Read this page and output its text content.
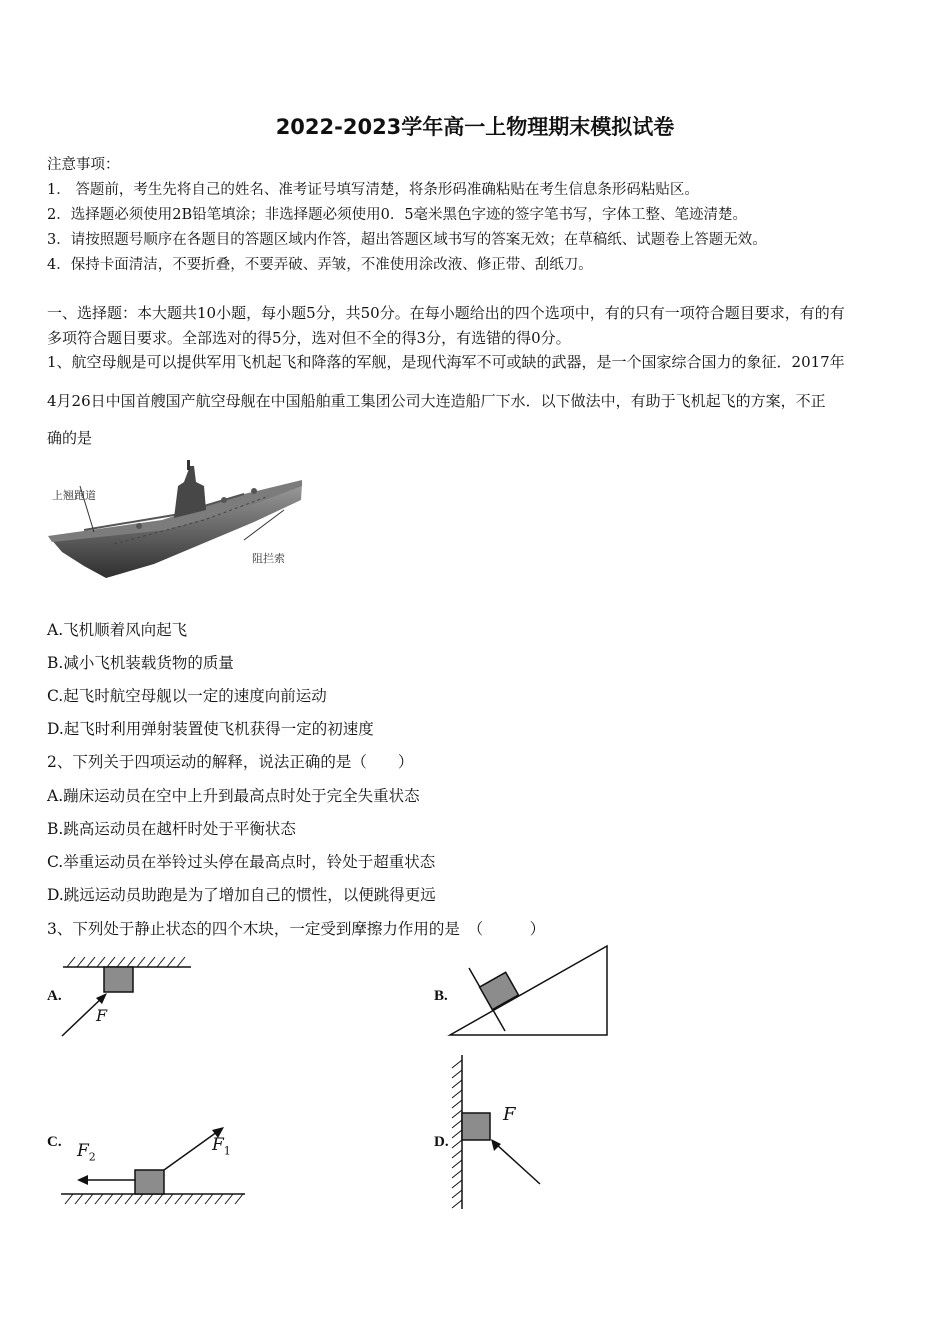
2022-2023学年高一上物理期末模拟试卷
注意事项：
1． 答题前，考生先将自己的姓名、准考证号填写清楚，将条形码准确粘贴在考生信息条形码粘贴区。
2．选择题必须使用2B铅笔填涂；非选择题必须使用0．5毫米黑色字迹的签字笔书写，字体工整、笔迹清楚。
3．请按照题号顺序在各题目的答题区域内作答，超出答题区域书写的答案无效；在草稿纸、试题卷上答题无效。
4．保持卡面清洁，不要折叠，不要弄破、弄皱，不准使用涂改液、修正带、刮纸刀。
一、选择题：本大题共10小题，每小题5分，共50分。在每小题给出的四个选项中，有的只有一项符合题目要求，有的有
多项符合题目要求。全部选对的得5分，选对但不全的得3分，有选错的得0分。
1、航空母舰是可以提供军用飞机起飞和降落的军舰，是现代海军不可或缺的武器，是一个国家综合国力的象征．2017年
4月26日中国首艘国产航空母舰在中国船舶重工集团公司大连造船厂下水．以下做法中，有助于飞机起飞的方案，不正
确的是
上翘跑道
阻拦索
A.飞机顺着风向起飞
B.减小飞机装载货物的质量
C.起飞时航空母舰以一定的速度向前运动
D.起飞时利用弹射装置使飞机获得一定的初速度
2、下列关于四项运动的解释，说法正确的是（　　）
A.蹦床运动员在空中上升到最高点时处于完全失重状态
B.跳高运动员在越杆时处于平衡状态
C.举重运动员在举铃过头停在最高点时，铃处于超重状态
D.跳远运动员助跑是为了增加自己的惯性，以便跳得更远
3、下列处于静止状态的四个木块，一定受到摩擦力作用的是　（　　　）
A.
F
B.
C. $F_2$
$F_1$
D.
F
